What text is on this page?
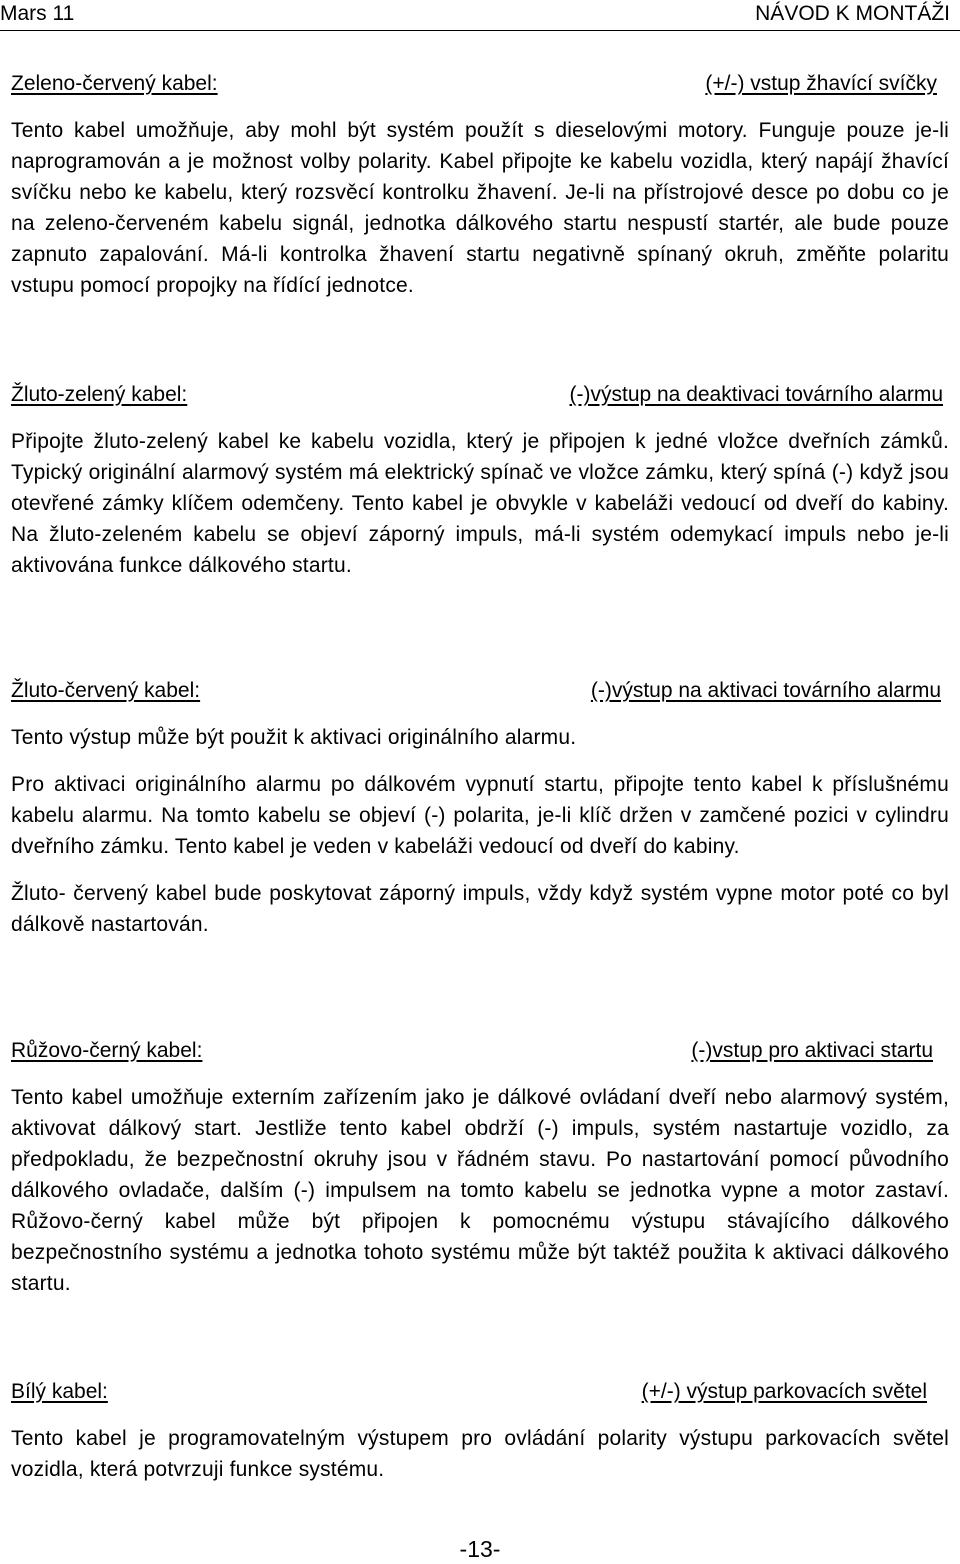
Mars 11	NÁVOD K MONTÁŽI
Zeleno-červený kabel:	(+/-) vstup žhavící svíčky

Tento kabel umožňuje, aby mohl být systém použít s dieselovými motory. Funguje pouze je-li naprogramován a je možnost volby polarity. Kabel připojte ke kabelu vozidla, který napájí žhavící svíčku nebo ke kabelu, který rozsvěcí kontrolku žhavení. Je-li na přístrojové desce po dobu co je na zeleno-červeném kabelu signál, jednotka dálkového startu nespustí startér, ale bude pouze zapnuto zapalování. Má-li kontrolka žhavení startu negativně spínaný okruh, změňte polaritu vstupu pomocí propojky na řídící jednotce.

Žluto-zelený kabel:	(-)výstup na deaktivaci továrního alarmu

Připojte žluto-zelený kabel ke kabelu vozidla, který je připojen k jedné vložce dveřních zámků. Typický originální alarmový systém má elektrický spínač ve vložce zámku, který spíná (-) když jsou otevřené zámky klíčem odemčeny. Tento kabel je obvykle v kabeláži vedoucí od dveří do kabiny. Na žluto-zeleném kabelu se objeví záporný impuls, má-li systém odemykací impuls nebo je-li aktivována funkce dálkového startu.

Žluto-červený kabel:	(-)výstup na aktivaci továrního alarmu

Tento výstup může být použit k aktivaci originálního alarmu.

Pro aktivaci originálního alarmu po dálkovém vypnutí startu, připojte tento kabel k příslušnému kabelu alarmu. Na tomto kabelu se objeví (-) polarita, je-li klíč držen v zamčené pozici v cylindru dveřního zámku. Tento kabel je veden v kabeláži vedoucí od dveří do kabiny.

Žluto- červený kabel bude poskytovat záporný impuls, vždy když systém vypne motor poté co byl dálkově nastartován.

Růžovo-černý kabel:	(-)vstup pro aktivaci startu

Tento kabel umožňuje externím zařízením jako je dálkové ovládaní dveří nebo alarmový systém, aktivovat dálkový start. Jestliže tento kabel obdrží (-) impuls, systém nastartuje vozidlo, za předpokladu, že bezpečnostní okruhy jsou v řádném stavu. Po nastartování pomocí původního dálkového ovladače, dalším (-) impulsem na tomto kabelu se jednotka vypne a motor zastaví. Růžovo-černý kabel může být připojen k pomocnému výstupu stávajícího dálkového bezpečnostního systému a jednotka tohoto systému může být taktéž použita k aktivaci dálkového startu.

Bílý kabel:	(+/-) výstup parkovacích světel

Tento kabel je programovatelným výstupem pro ovládání polarity výstupu parkovacích světel vozidla, která potvrzuji funkce systému.

-13-
